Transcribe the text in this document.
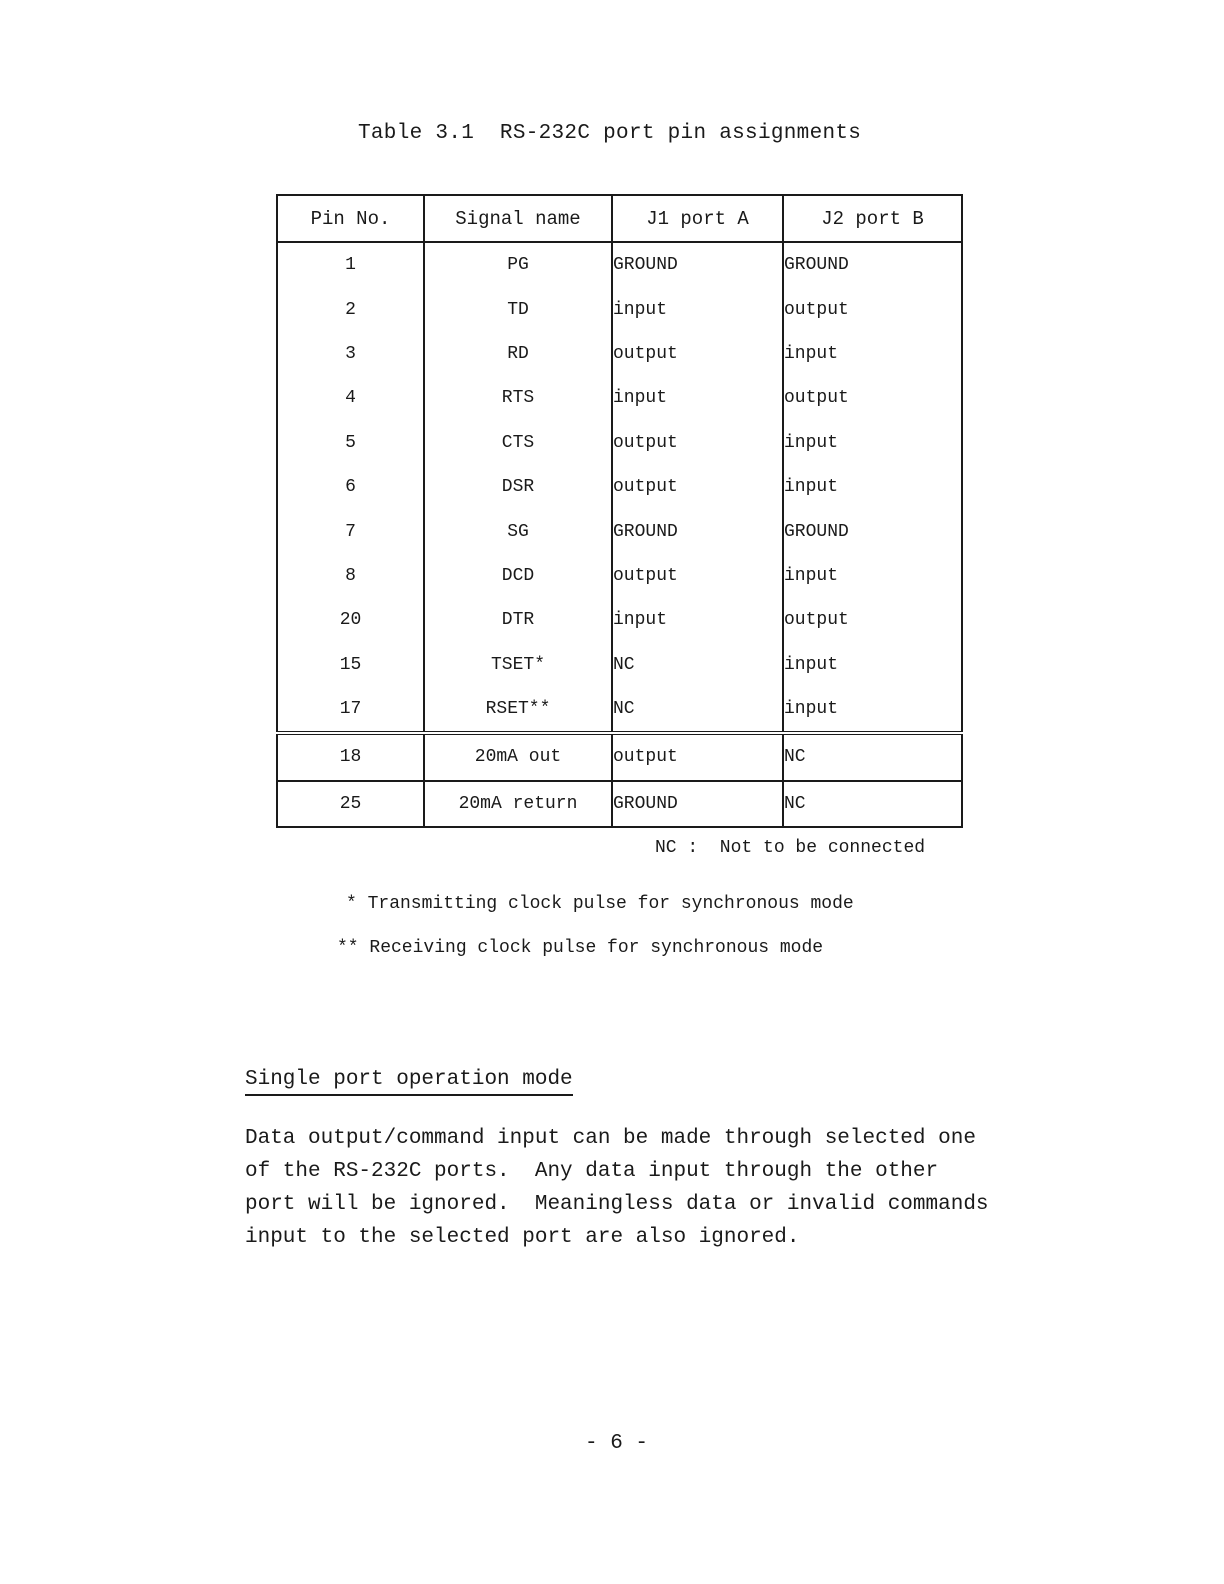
Table 3.1  RS-232C port pin assignments
Pin No.	Signal name	J1 port A	J2 port B
1	PG	GROUND	GROUND
2	TD	input	output
3	RD	output	input
4	RTS	input	output
5	CTS	output	input
6	DSR	output	input
7	SG	GROUND	GROUND
8	DCD	output	input
20	DTR	input	output
15	TSET*	NC	input
17	RSET**	NC	input
18	20mA out	output	NC
25	20mA return	GROUND	NC
NC :  Not to be connected
* Transmitting clock pulse for synchronous mode
** Receiving clock pulse for synchronous mode
Single port operation mode
Data output/command input can be made through selected one
of the RS-232C ports.  Any data input through the other
port will be ignored.  Meaningless data or invalid commands
input to the selected port are also ignored.
- 6 -
